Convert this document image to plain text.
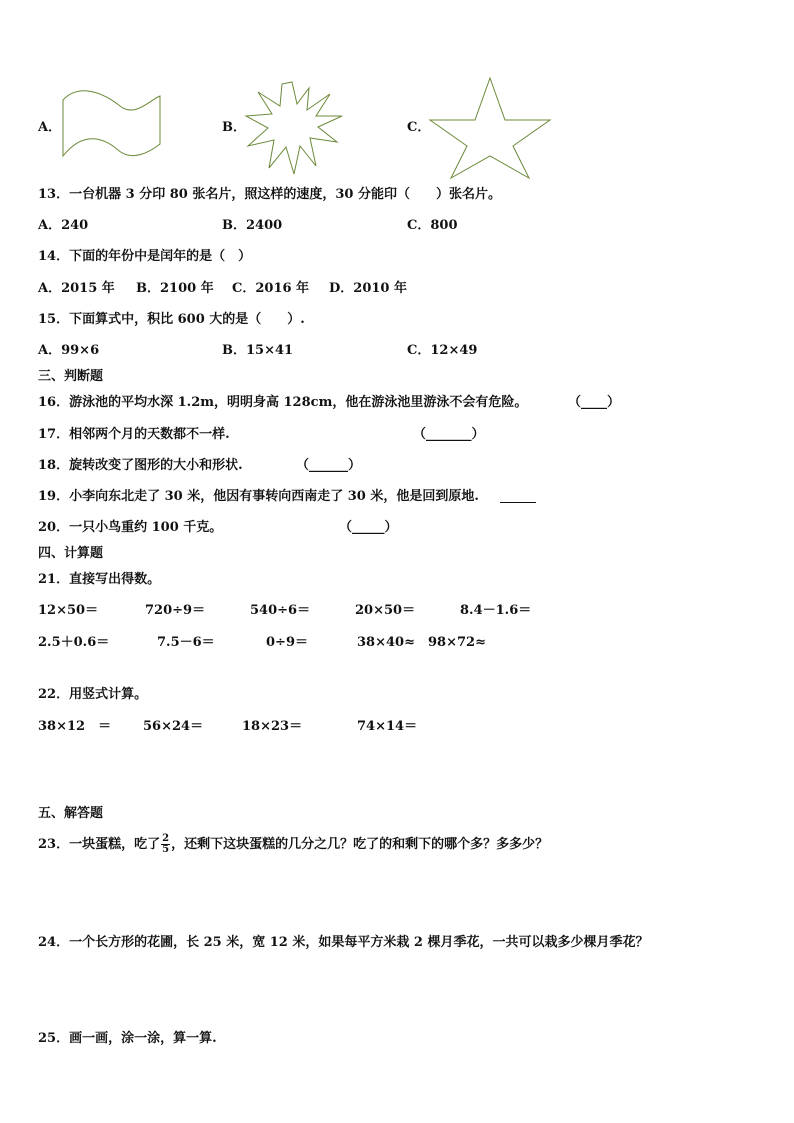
A．	B．	C．
13．一台机器 3 分印 80 张名片，照这样的速度，30 分能印（　　）张名片。
A．240	B．2400	C．800
14．下面的年份中是闰年的是（　）
A．2015 年 B．2100 年 C．2016 年 D．2010 年
15．下面算式中，积比 600 大的是（　　）.
A．99×6	B．15×41	C．12×49
三、判断题
16．游泳池的平均水深 1.2m，明明身高 128cm，他在游泳池里游泳不会有危险。	（____）
17．相邻两个月的天数都不一样.	（_______）
18．旋转改变了图形的大小和形状.	（______）
19．小李向东北走了 30 米，他因有事转向西南走了 30 米，他是回到原地.
20．一只小鸟重约 100 千克。	（_____）
四、计算题
21．直接写出得数。
12×50＝	720÷9＝	540÷6＝	20×50＝	8.4－1.6＝
2.5＋0.6＝	7.5－6＝	0÷9＝	38×40≈ 98×72≈
22．用竖式计算。
38×12　＝ 56×24＝	18×23＝	74×14＝
五、解答题
23．一块蛋糕，吃了 $\frac{2}{5}$ ，还剩下这块蛋糕的几分之几？吃了的和剩下的哪个多？多多少？
24．一个长方形的花圃，长 25 米，宽 12 米，如果每平方米栽 2 棵月季花，一共可以栽多少棵月季花？
25．画一画，涂一涂，算一算.
